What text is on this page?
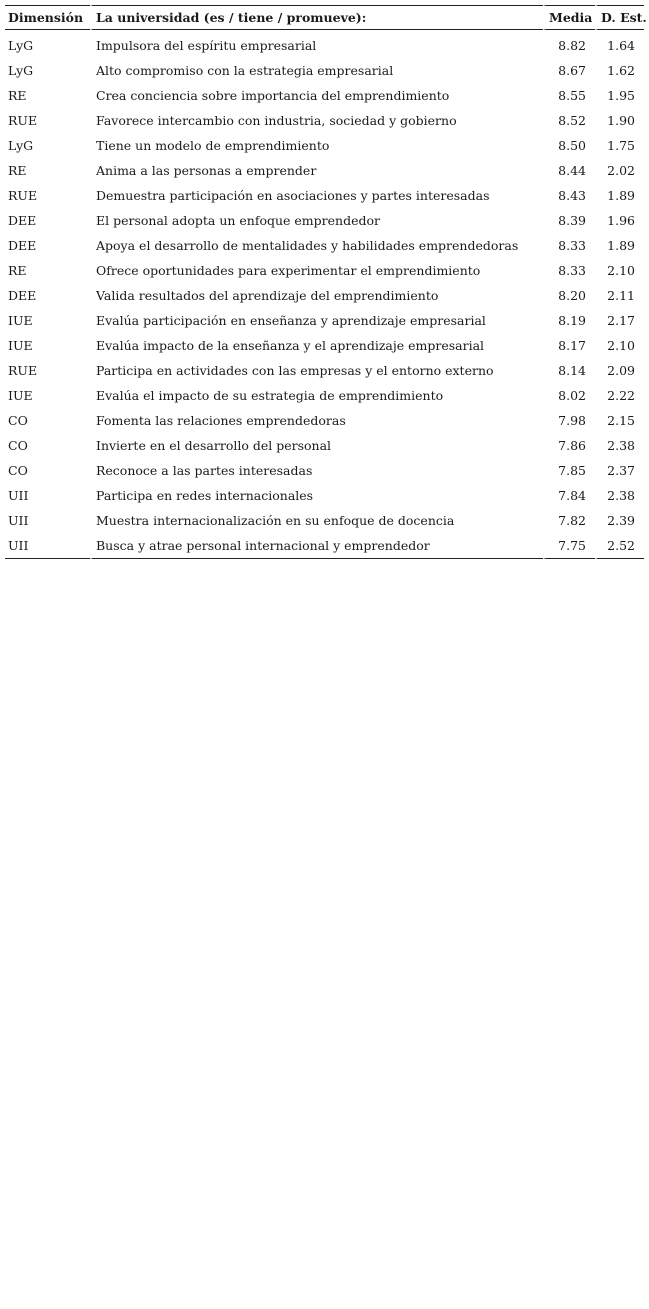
Dimensión	La universidad (es / tiene / promueve):	Media	D. Est.
LyG	Impulsora del espíritu empresarial	8.82	1.64
LyG	Alto compromiso con la estrategia empresarial	8.67	1.62
RE	Crea conciencia sobre importancia del emprendimiento	8.55	1.95
RUE	Favorece intercambio con industria, sociedad y gobierno	8.52	1.90
LyG	Tiene un modelo de emprendimiento	8.50	1.75
RE	Anima a las personas a emprender	8.44	2.02
RUE	Demuestra participación en asociaciones y partes interesadas	8.43	1.89
DEE	El personal adopta un enfoque emprendedor	8.39	1.96
DEE	Apoya el desarrollo de mentalidades y habilidades emprendedoras	8.33	1.89
RE	Ofrece oportunidades para experimentar el emprendimiento	8.33	2.10
DEE	Valida resultados del aprendizaje del emprendimiento	8.20	2.11
IUE	Evalúa participación en enseñanza y aprendizaje empresarial	8.19	2.17
IUE	Evalúa impacto de la enseñanza y el aprendizaje empresarial	8.17	2.10
RUE	Participa en actividades con las empresas y el entorno externo	8.14	2.09
IUE	Evalúa el impacto de su estrategia de emprendimiento	8.02	2.22
CO	Fomenta las relaciones emprendedoras	7.98	2.15
CO	Invierte en el desarrollo del personal	7.86	2.38
CO	Reconoce a las partes interesadas	7.85	2.37
UII	Participa en redes internacionales	7.84	2.38
UII	Muestra internacionalización en su enfoque de docencia	7.82	2.39
UII	Busca y atrae personal internacional y emprendedor	7.75	2.52
